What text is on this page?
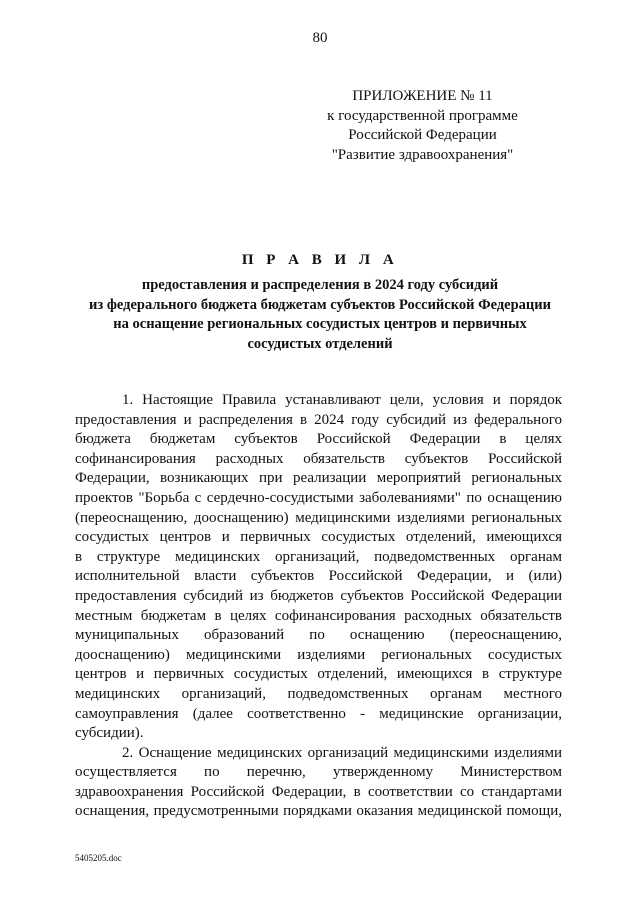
80
ПРИЛОЖЕНИЕ № 11
к государственной программе
Российской Федерации
"Развитие здравоохранения"
П Р А В И Л А
предоставления и распределения в 2024 году субсидий
из федерального бюджета бюджетам субъектов Российской Федерации
на оснащение региональных сосудистых центров и первичных
сосудистых отделений
1. Настоящие Правила устанавливают цели, условия и порядок
предоставления и распределения в 2024 году субсидий из федерального
бюджета бюджетам субъектов Российской Федерации в целях
софинансирования расходных обязательств субъектов Российской
Федерации, возникающих при реализации мероприятий региональных
проектов "Борьба с сердечно-сосудистыми заболеваниями" по оснащению
(переоснащению, дооснащению) медицинскими изделиями региональных
сосудистых центров и первичных сосудистых отделений, имеющихся
в структуре медицинских организаций, подведомственных органам
исполнительной власти субъектов Российской Федерации, и (или)
предоставления субсидий из бюджетов субъектов Российской Федерации
местным бюджетам в целях софинансирования расходных обязательств
муниципальных образований по оснащению (переоснащению,
дооснащению) медицинскими изделиями региональных сосудистых
центров и первичных сосудистых отделений, имеющихся в структуре
медицинских организаций, подведомственных органам местного
самоуправления (далее соответственно - медицинские организации,
субсидии).
2. Оснащение медицинских организаций медицинскими изделиями
осуществляется по перечню, утвержденному Министерством
здравоохранения Российской Федерации, в соответствии со стандартами
оснащения, предусмотренными порядками оказания медицинской помощи,
5405205.doc
